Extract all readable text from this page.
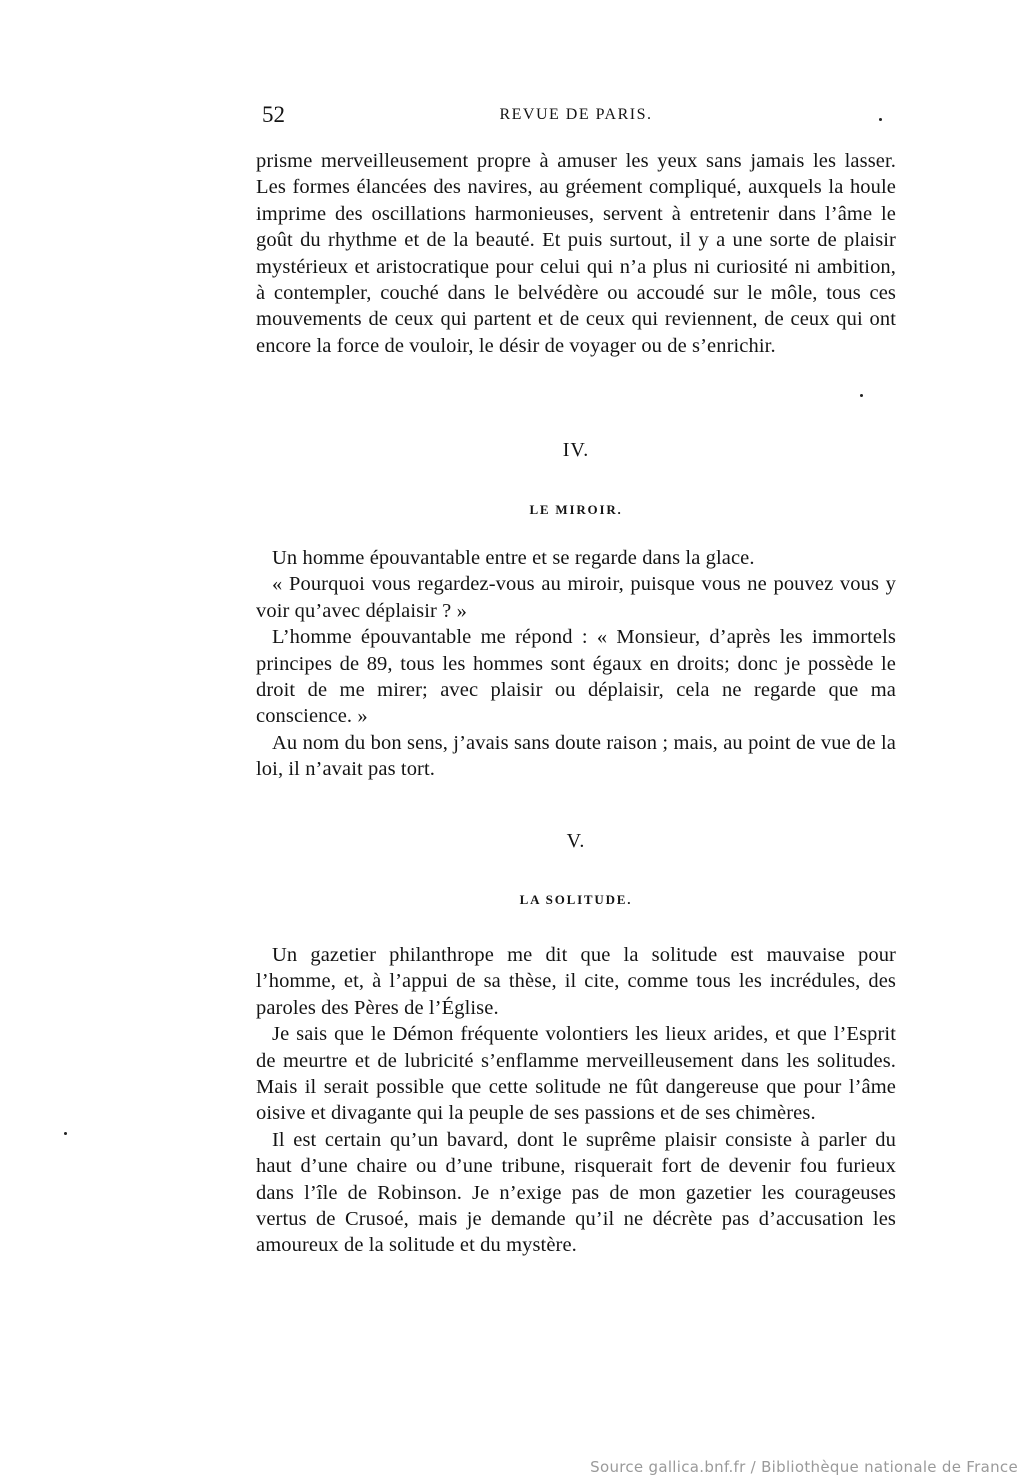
52	REVUE DE PARIS.

prisme merveilleusement propre à amuser les yeux sans jamais les lasser. Les formes élancées des navires, au gréement compliqué, auxquels la houle imprime des oscillations harmonieuses, servent à entretenir dans l’âme le goût du rhythme et de la beauté. Et puis surtout, il y a une sorte de plaisir mystérieux et aristocratique pour celui qui n’a plus ni curiosité ni ambition, à contempler, couché dans le belvédère ou accoudé sur le môle, tous ces mouvements de ceux qui partent et de ceux qui reviennent, de ceux qui ont encore la force de vouloir, le désir de voyager ou de s’enrichir.

IV.
LE MIROIR.

Un homme épouvantable entre et se regarde dans la glace.

« Pourquoi vous regardez-vous au miroir, puisque vous ne pouvez vous y voir qu’avec déplaisir ? »

L’homme épouvantable me répond : « Monsieur, d’après les immortels principes de 89, tous les hommes sont égaux en droits; donc je possède le droit de me mirer; avec plaisir ou déplaisir, cela ne regarde que ma conscience. »

Au nom du bon sens, j’avais sans doute raison ; mais, au point de vue de la loi, il n’avait pas tort.

V.
LA SOLITUDE.

Un gazetier philanthrope me dit que la solitude est mauvaise pour l’homme, et, à l’appui de sa thèse, il cite, comme tous les incrédules, des paroles des Pères de l’Église.

Je sais que le Démon fréquente volontiers les lieux arides, et que l’Esprit de meurtre et de lubricité s’enflamme merveilleusement dans les solitudes. Mais il serait possible que cette solitude ne fût dangereuse que pour l’âme oisive et divagante qui la peuple de ses passions et de ses chimères.

Il est certain qu’un bavard, dont le suprême plaisir consiste à parler du haut d’une chaire ou d’une tribune, risquerait fort de devenir fou furieux dans l’île de Robinson. Je n’exige pas de mon gazetier les courageuses vertus de Crusoé, mais je demande qu’il ne décrète pas d’accusation les amoureux de la solitude et du mystère.

Source gallica.bnf.fr / Bibliothèque nationale de France
